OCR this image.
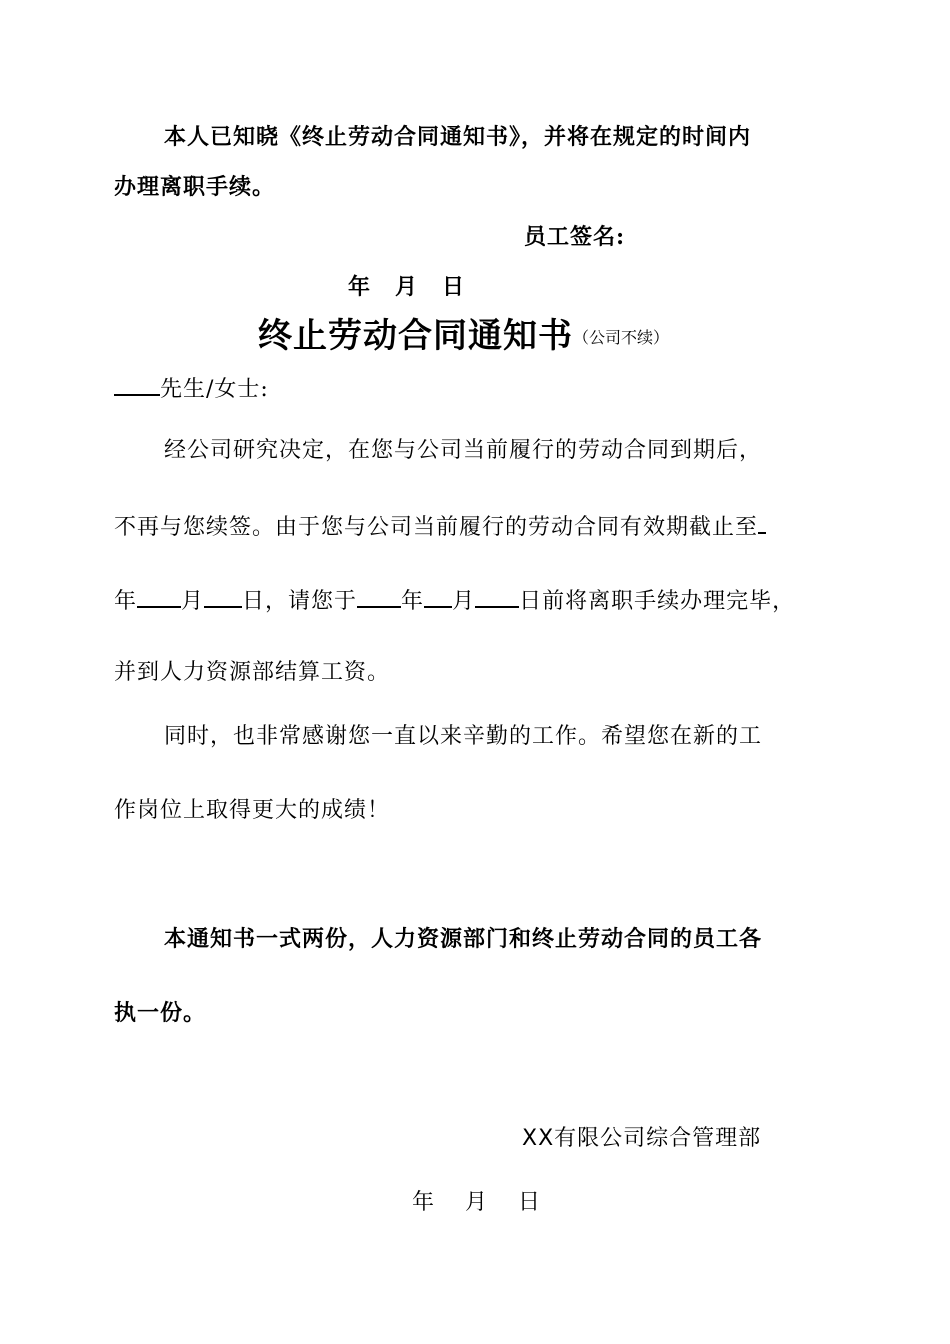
本人已知晓《终止劳动合同通知书》，并将在规定的时间内
办理离职手续。
员工签名:
年 月 日
终止劳动合同通知书（公司不续）
先生/女士:
经公司研究决定，在您与公司当前履行的劳动合同到期后，
不再与您续签。由于您与公司当前履行的劳动合同有效期截止至
年 月 日，请您于 年 月 日前将离职手续办理完毕，
并到人力资源部结算工资。
同时，也非常感谢您一直以来辛勤的工作。希望您在新的工
作岗位上取得更大的成绩！
本通知书一式两份，人力资源部门和终止劳动合同的员工各
执一份。
XX有限公司综合管理部
年 月 日
